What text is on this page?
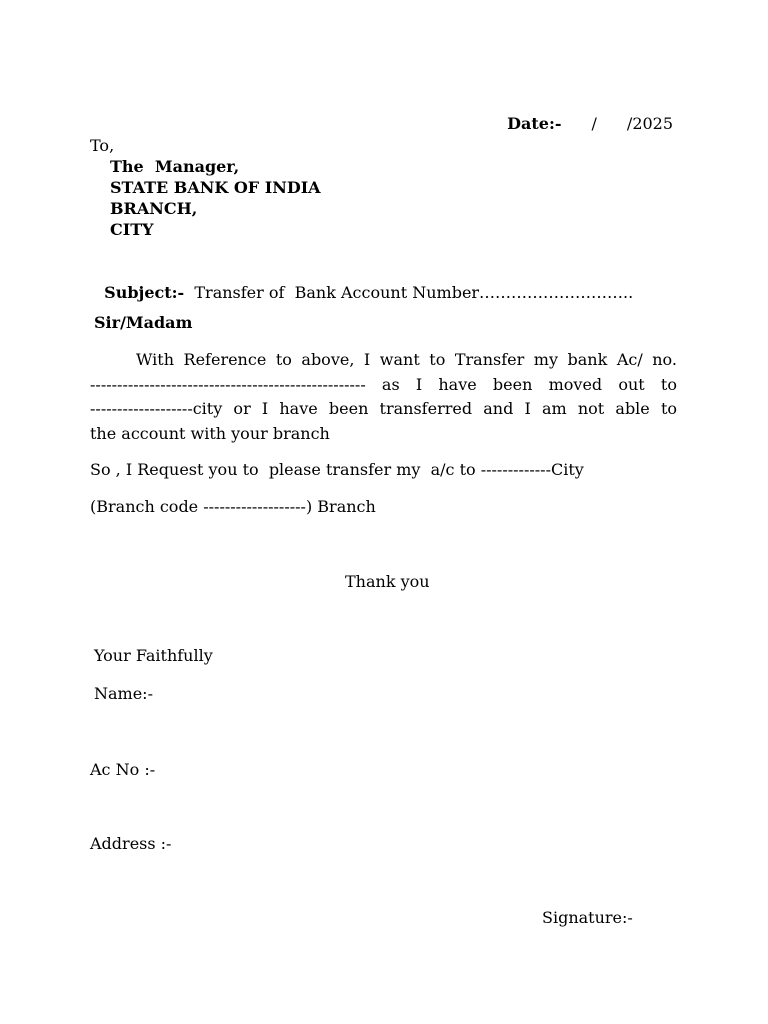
Date:- / /2025

To,
The  Manager,
STATE BANK OF INDIA
BRANCH,
CITY

Subject:-  Transfer of  Bank Account Number………………………..

Sir/Madam
With Reference to above, I want to Transfer my bank Ac/ no.
--------------------------------------------------- as I have been moved out to
-------------------city or I have been transferred and I am not able to
the account with your branch
So , I Request you to  please transfer my  a/c to -------------City
(Branch code -------------------) Branch
Thank you
Your Faithfully
Name:-
Ac No :-
Address :-
Signature:-
